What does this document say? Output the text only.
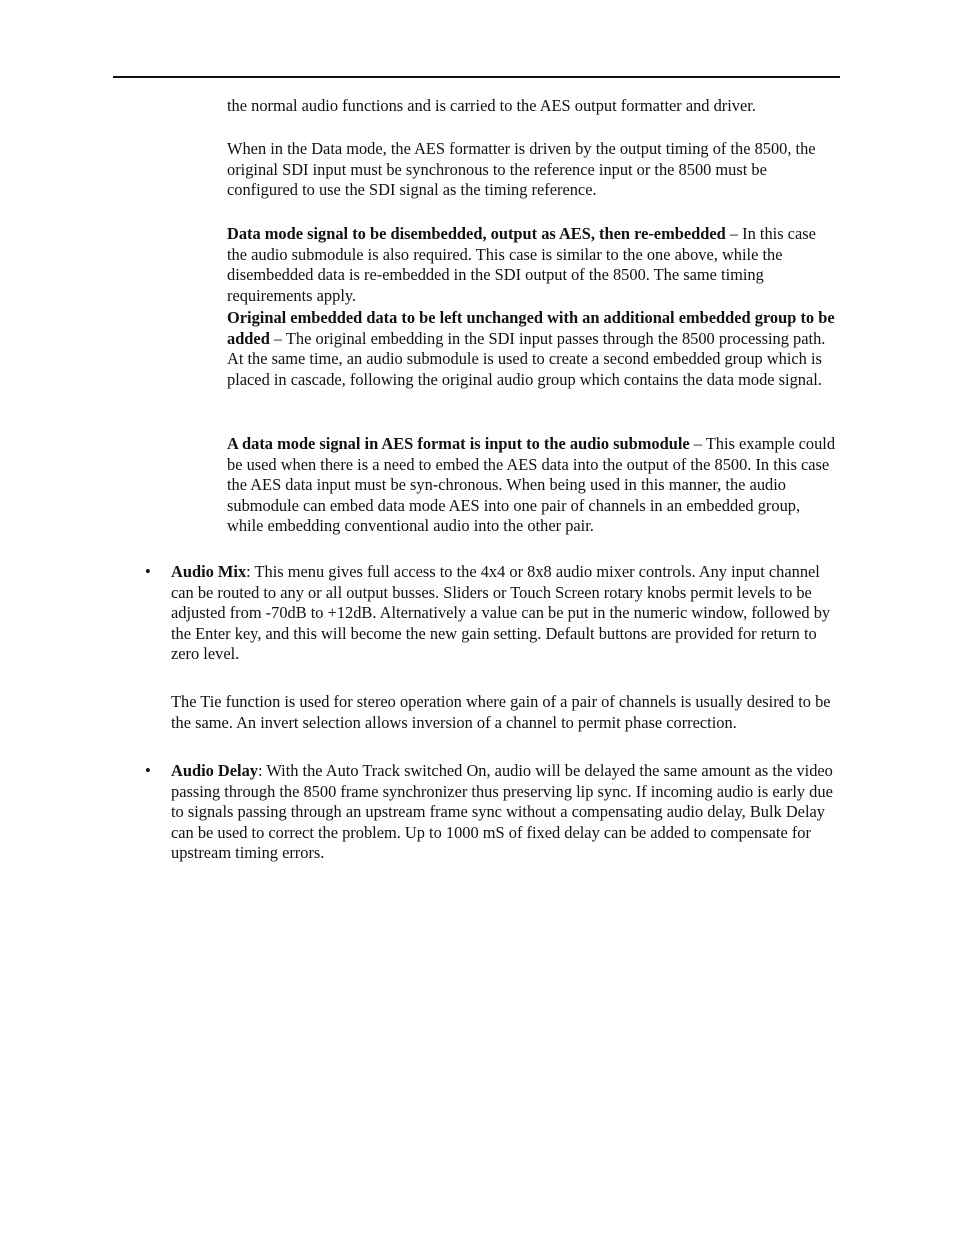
the normal audio functions and is carried to the AES output formatter and driver.

When in the Data mode, the AES formatter is driven by the output timing of the 8500, the original SDI input must be synchronous to the reference input or the 8500 must be configured to use the SDI signal as the timing reference.

Data mode signal to be disembedded, output as AES, then re-embedded – In this case the audio submodule is also required. This case is similar to the one above, while the disembedded data is re-embedded in the SDI output of the 8500. The same timing requirements apply.

Original embedded data to be left unchanged with an additional embedded group to be added – The original embedding in the SDI input passes through the 8500 processing path. At the same time, an audio submodule is used to create a second embedded group which is placed in cascade, following the original audio group which contains the data mode signal.

A data mode signal in AES format is input to the audio submodule – This example could be used when there is a need to embed the AES data into the output of the 8500. In this case the AES data input must be syn-chronous. When being used in this manner, the audio submodule can embed data mode AES into one pair of channels in an embedded group, while embedding conventional audio into the other pair.

• Audio Mix: This menu gives full access to the 4x4 or 8x8 audio mixer controls. Any input channel can be routed to any or all output busses. Sliders or Touch Screen rotary knobs permit levels to be adjusted from -70dB to +12dB. Alternatively a value can be put in the numeric window, followed by the Enter key, and this will become the new gain setting. Default buttons are provided for return to zero level.

The Tie function is used for stereo operation where gain of a pair of channels is usually desired to be the same. An invert selection allows inversion of a channel to permit phase correction.

• Audio Delay: With the Auto Track switched On, audio will be delayed the same amount as the video passing through the 8500 frame synchronizer thus preserving lip sync. If incoming audio is early due to signals passing through an upstream frame sync without a compensating audio delay, Bulk Delay can be used to correct the problem. Up to 1000 mS of fixed delay can be added to compensate for upstream timing errors.
